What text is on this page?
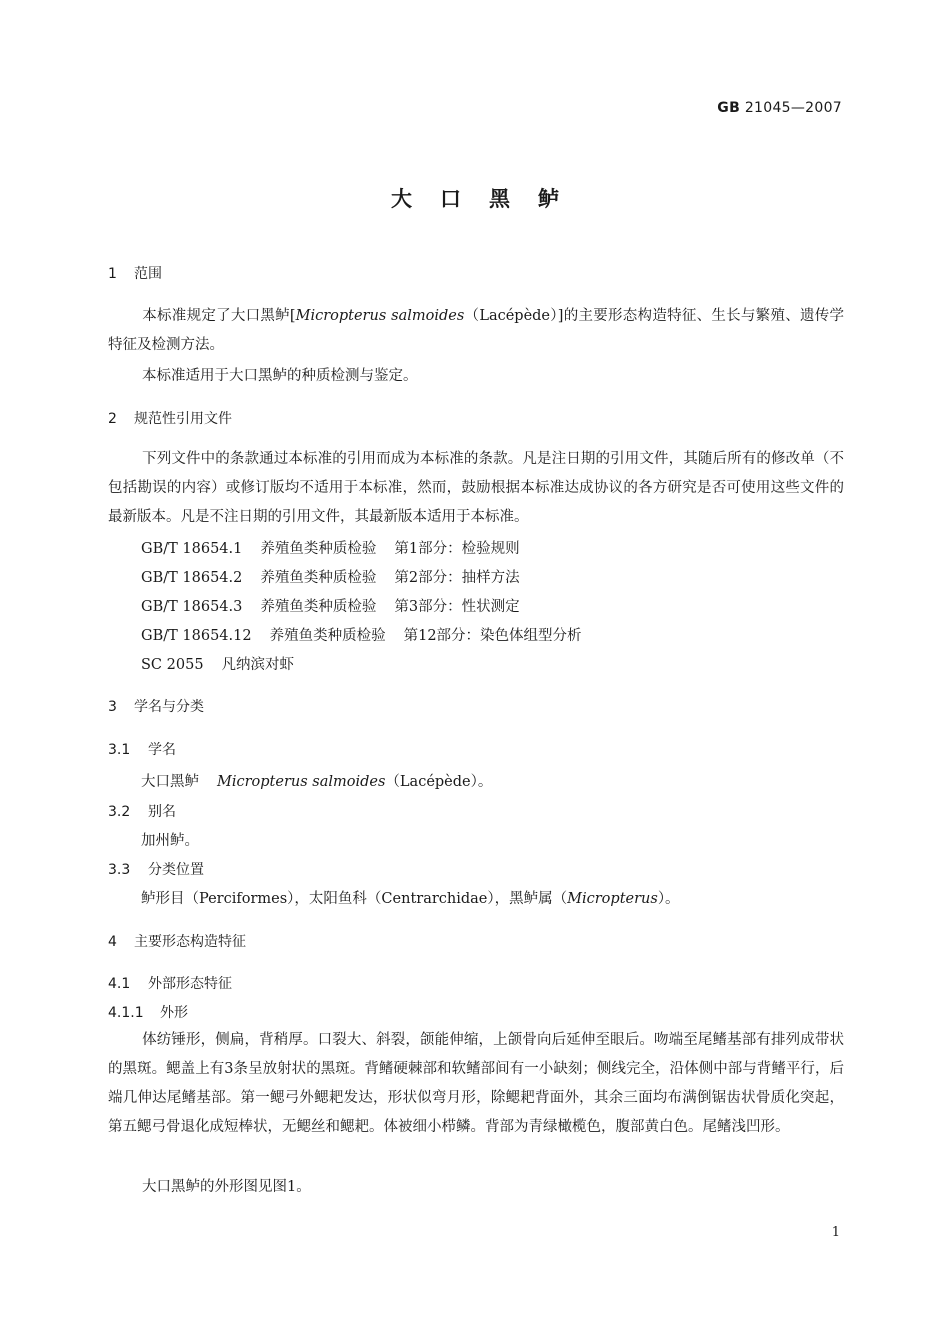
GB 21045—2007
大口黑鲈
1 范围
本标准规定了大口黑鲈[Micropterus salmoides（Lacépède）]的主要形态构造特征、生长与繁殖、遗传学特征及检测方法。
本标准适用于大口黑鲈的种质检测与鉴定。
2 规范性引用文件
下列文件中的条款通过本标准的引用而成为本标准的条款。凡是注日期的引用文件，其随后所有的修改单（不包括勘误的内容）或修订版均不适用于本标准，然而，鼓励根据本标准达成协议的各方研究是否可使用这些文件的最新版本。凡是不注日期的引用文件，其最新版本适用于本标准。
GB/T 18654.1 养殖鱼类种质检验 第1部分：检验规则
GB/T 18654.2 养殖鱼类种质检验 第2部分：抽样方法
GB/T 18654.3 养殖鱼类种质检验 第3部分：性状测定
GB/T 18654.12 养殖鱼类种质检验 第12部分：染色体组型分析
SC 2055 凡纳滨对虾
3 学名与分类
3.1 学名
大口黑鲈 Micropterus salmoides（Lacépède）。
3.2 别名
加州鲈。
3.3 分类位置
鲈形目（Perciformes），太阳鱼科（Centrarchidae），黑鲈属（Micropterus）。
4 主要形态构造特征
4.1 外部形态特征
4.1.1 外形
体纺锤形，侧扁，背稍厚。口裂大、斜裂，颌能伸缩，上颌骨向后延伸至眼后。吻端至尾鳍基部有排列成带状的黑斑。鳃盖上有3条呈放射状的黑斑。背鳍硬棘部和软鳍部间有一小缺刻；侧线完全，沿体侧中部与背鳍平行，后端几伸达尾鳍基部。第一鳃弓外鳃耙发达，形状似弯月形，除鳃耙背面外，其余三面均布满倒锯齿状骨质化突起，第五鳃弓骨退化成短棒状，无鳃丝和鳃耙。体被细小栉鳞。背部为青绿橄榄色，腹部黄白色。尾鳍浅凹形。
大口黑鲈的外形图见图1。
1
